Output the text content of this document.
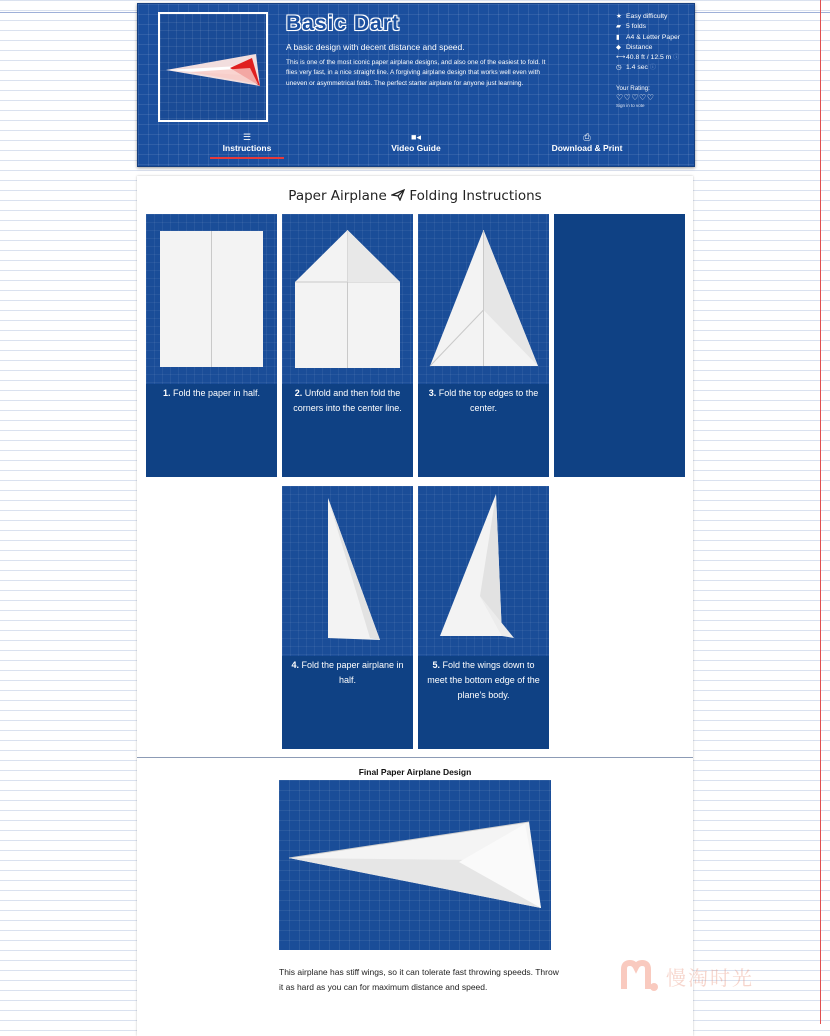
Basic Dart
A basic design with decent distance and speed.
This is one of the most iconic paper airplane designs, and also one of the easiest to fold. It flies very fast, in a nice straight line. A forgiving airplane design that works well even with uneven or asymmetrical folds. The perfect starter airplane for anyone just learning.
★ Easy difficulty
▰ 5 folds
▮ A4 & Letter Paper
◆ Distance
⟷40.8 ft / 12.5 m ⓘ
◷ 1.4 sec ⓘ
Your Rating:
♡♡♡♡♡
Sign in to vote
☰
Instructions
■◂
Video Guide
⎙
Download & Print
Paper Airplane Folding Instructions
1. Fold the paper in half.	2. Unfold and then fold the corners into the center line.
3. Fold the top edges to the center.
4. Fold the paper airplane in half.
5. Fold the wings down to meet the bottom edge of the plane's body.
Final Paper Airplane Design
This airplane has stiff wings, so it can tolerate fast throwing speeds. Throw it as hard as you can for maximum distance and speed.	慢淘时光
